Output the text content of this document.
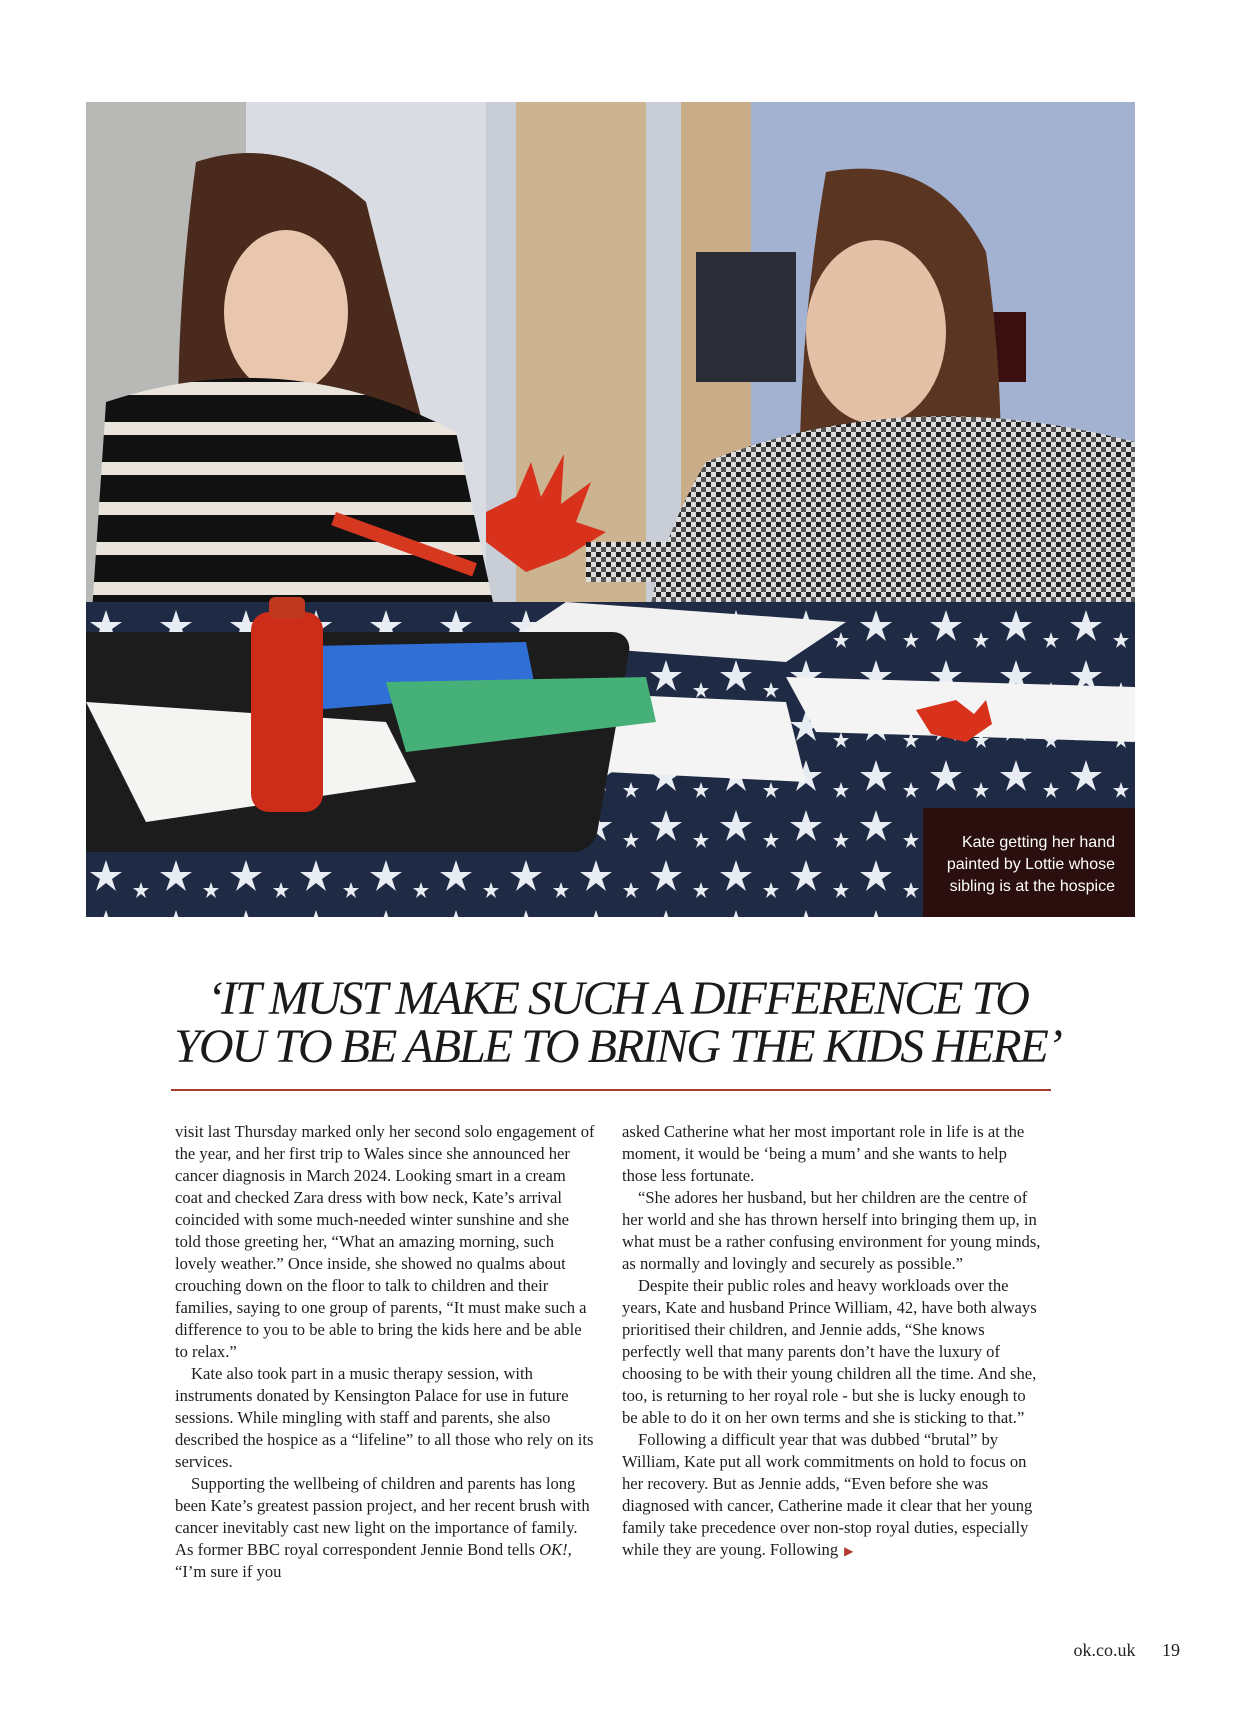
Kate getting her hand
painted by Lottie whose
sibling is at the hospice
‘IT MUST MAKE SUCH A DIFFERENCE TO
YOU TO BE ABLE TO BRING THE KIDS HERE’

visit last Thursday marked only her second solo engagement of the year, and her first trip to Wales since she announced her cancer diagnosis in March 2024. Looking smart in a cream coat and checked Zara dress with bow neck, Kate’s arrival coincided with some much-needed winter sunshine and she told those greeting her, “What an amazing morning, such lovely weather.” Once inside, she showed no qualms about crouching down on the floor to talk to children and their families, saying to one group of parents, “It must make such a difference to you to be able to bring the kids here and be able to relax.”

Kate also took part in a music therapy session, with instruments donated by Kensington Palace for use in future sessions. While mingling with staff and parents, she also described the hospice as a “lifeline” to all those who rely on its services.

Supporting the wellbeing of children and parents has long been Kate’s greatest passion project, and her recent brush with cancer inevitably cast new light on the importance of family. As former BBC royal correspondent Jennie Bond tells OK!, “I’m sure if you

asked Catherine what her most important role in life is at the moment, it would be ‘being a mum’ and she wants to help those less fortunate.

“She adores her husband, but her children are the centre of her world and she has thrown herself into bringing them up, in what must be a rather confusing environment for young minds, as normally and lovingly and securely as possible.”

Despite their public roles and heavy workloads over the years, Kate and husband Prince William, 42, have both always prioritised their children, and Jennie adds, “She knows perfectly well that many parents don’t have the luxury of choosing to be with their young children all the time. And she, too, is returning to her royal role - but she is lucky enough to be able to do it on her own terms and she is sticking to that.”

Following a difficult year that was dubbed “brutal” by William, Kate put all work commitments on hold to focus on her recovery. But as Jennie adds, “Even before she was diagnosed with cancer, Catherine made it clear that her young family take precedence over non-stop royal duties, especially while they are young. Following ▶

ok.co.uk 19
